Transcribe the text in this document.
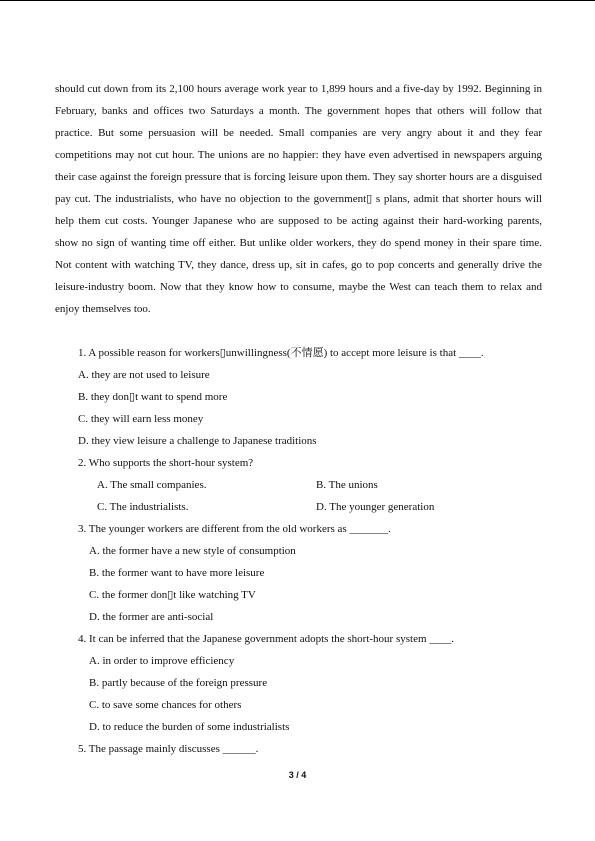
should cut down from its 2,100 hours average work year to 1,899 hours and a five-day by 1992. Beginning in February, banks and offices two Saturdays a month. The government hopes that others will follow that practice. But some persuasion will be needed. Small companies are very angry about it and they fear competitions may not cut hour. The unions are no happier: they have even advertised in newspapers arguing their case against the foreign pressure that is forcing leisure upon them. They say shorter hours are a disguised pay cut. The industrialists, who have no objection to the government▯ s plans, admit that shorter hours will help them cut costs. Younger Japanese who are supposed to be acting against their hard-working parents, show no sign of wanting time off either. But unlike older workers, they do spend money in their spare time. Not content with watching TV, they dance, dress up, sit in cafes, go to pop concerts and generally drive the leisure-industry boom. Now that they know how to consume, maybe the West can teach them to relax and enjoy themselves too.

1. A possible reason for workers▯unwillingness(不情愿) to accept more leisure is that ____.
A. they are not used to leisure
B. they don▯t want to spend more
C. they will earn less money
D. they view leisure a challenge to Japanese traditions
2. Who supports the short-hour system?
A. The small companies.	B. The unions
C. The industrialists.	D. The younger generation
3. The younger workers are different from the old workers as _______.
A. the former have a new style of consumption
B. the former want to have more leisure
C. the former don▯t like watching TV
D. the former are anti-social
4. It can be inferred that the Japanese government adopts the short-hour system ____.
A. in order to improve efficiency
B. partly because of the foreign pressure
C. to save some chances for others
D. to reduce the burden of some industrialists
5. The passage mainly discusses ______.
3 / 4
